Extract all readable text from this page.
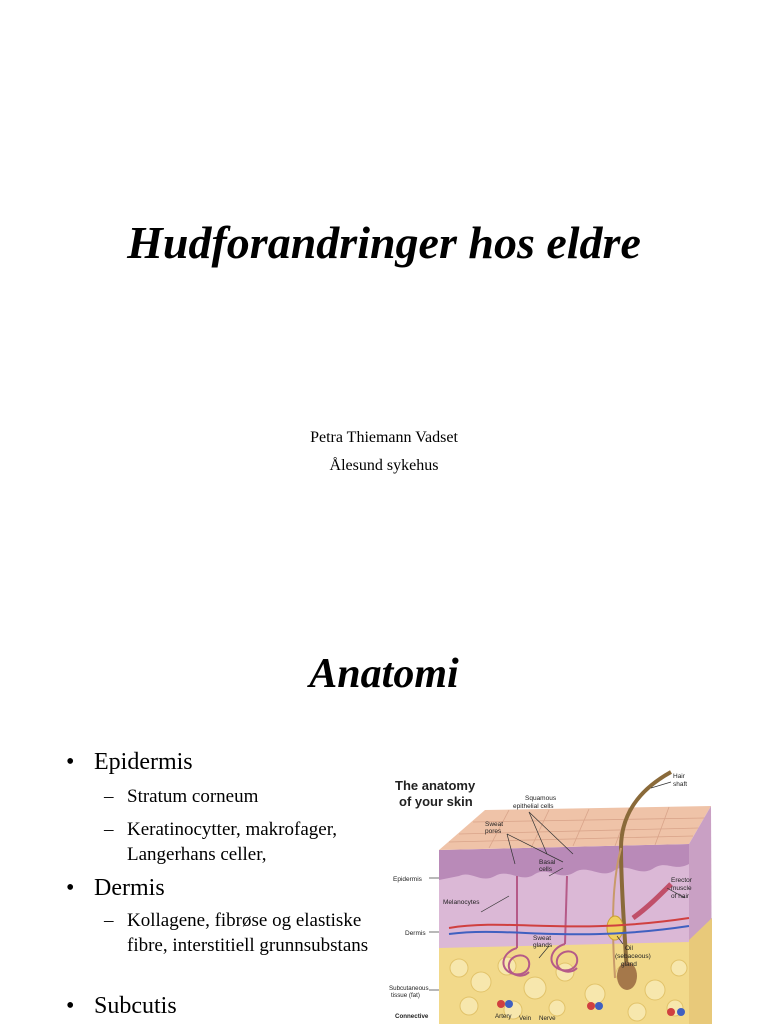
Hudforandringer hos eldre
Petra Thiemann Vadset
Ålesund sykehus
Anatomi
• Epidermis
– Stratum corneum
– Keratinocytter, makrofager, Langerhans celler,
• Dermis
– Kollagene, fibrøse og elastiske fibre, interstitiell grunnsubstans
• Subcutis
The anatomy
of your skin
Hair
shaft
Squamous
epithelial cells
Sweat
pores
Basal
cells
Epidermis
Melanocytes
Erector
muscle
of hair
Dermis
Sweat
glands	Oil
(sebaceous)
gland
Subcutaneous
tissue (fat)
Connective	Artery Vein Nerve
